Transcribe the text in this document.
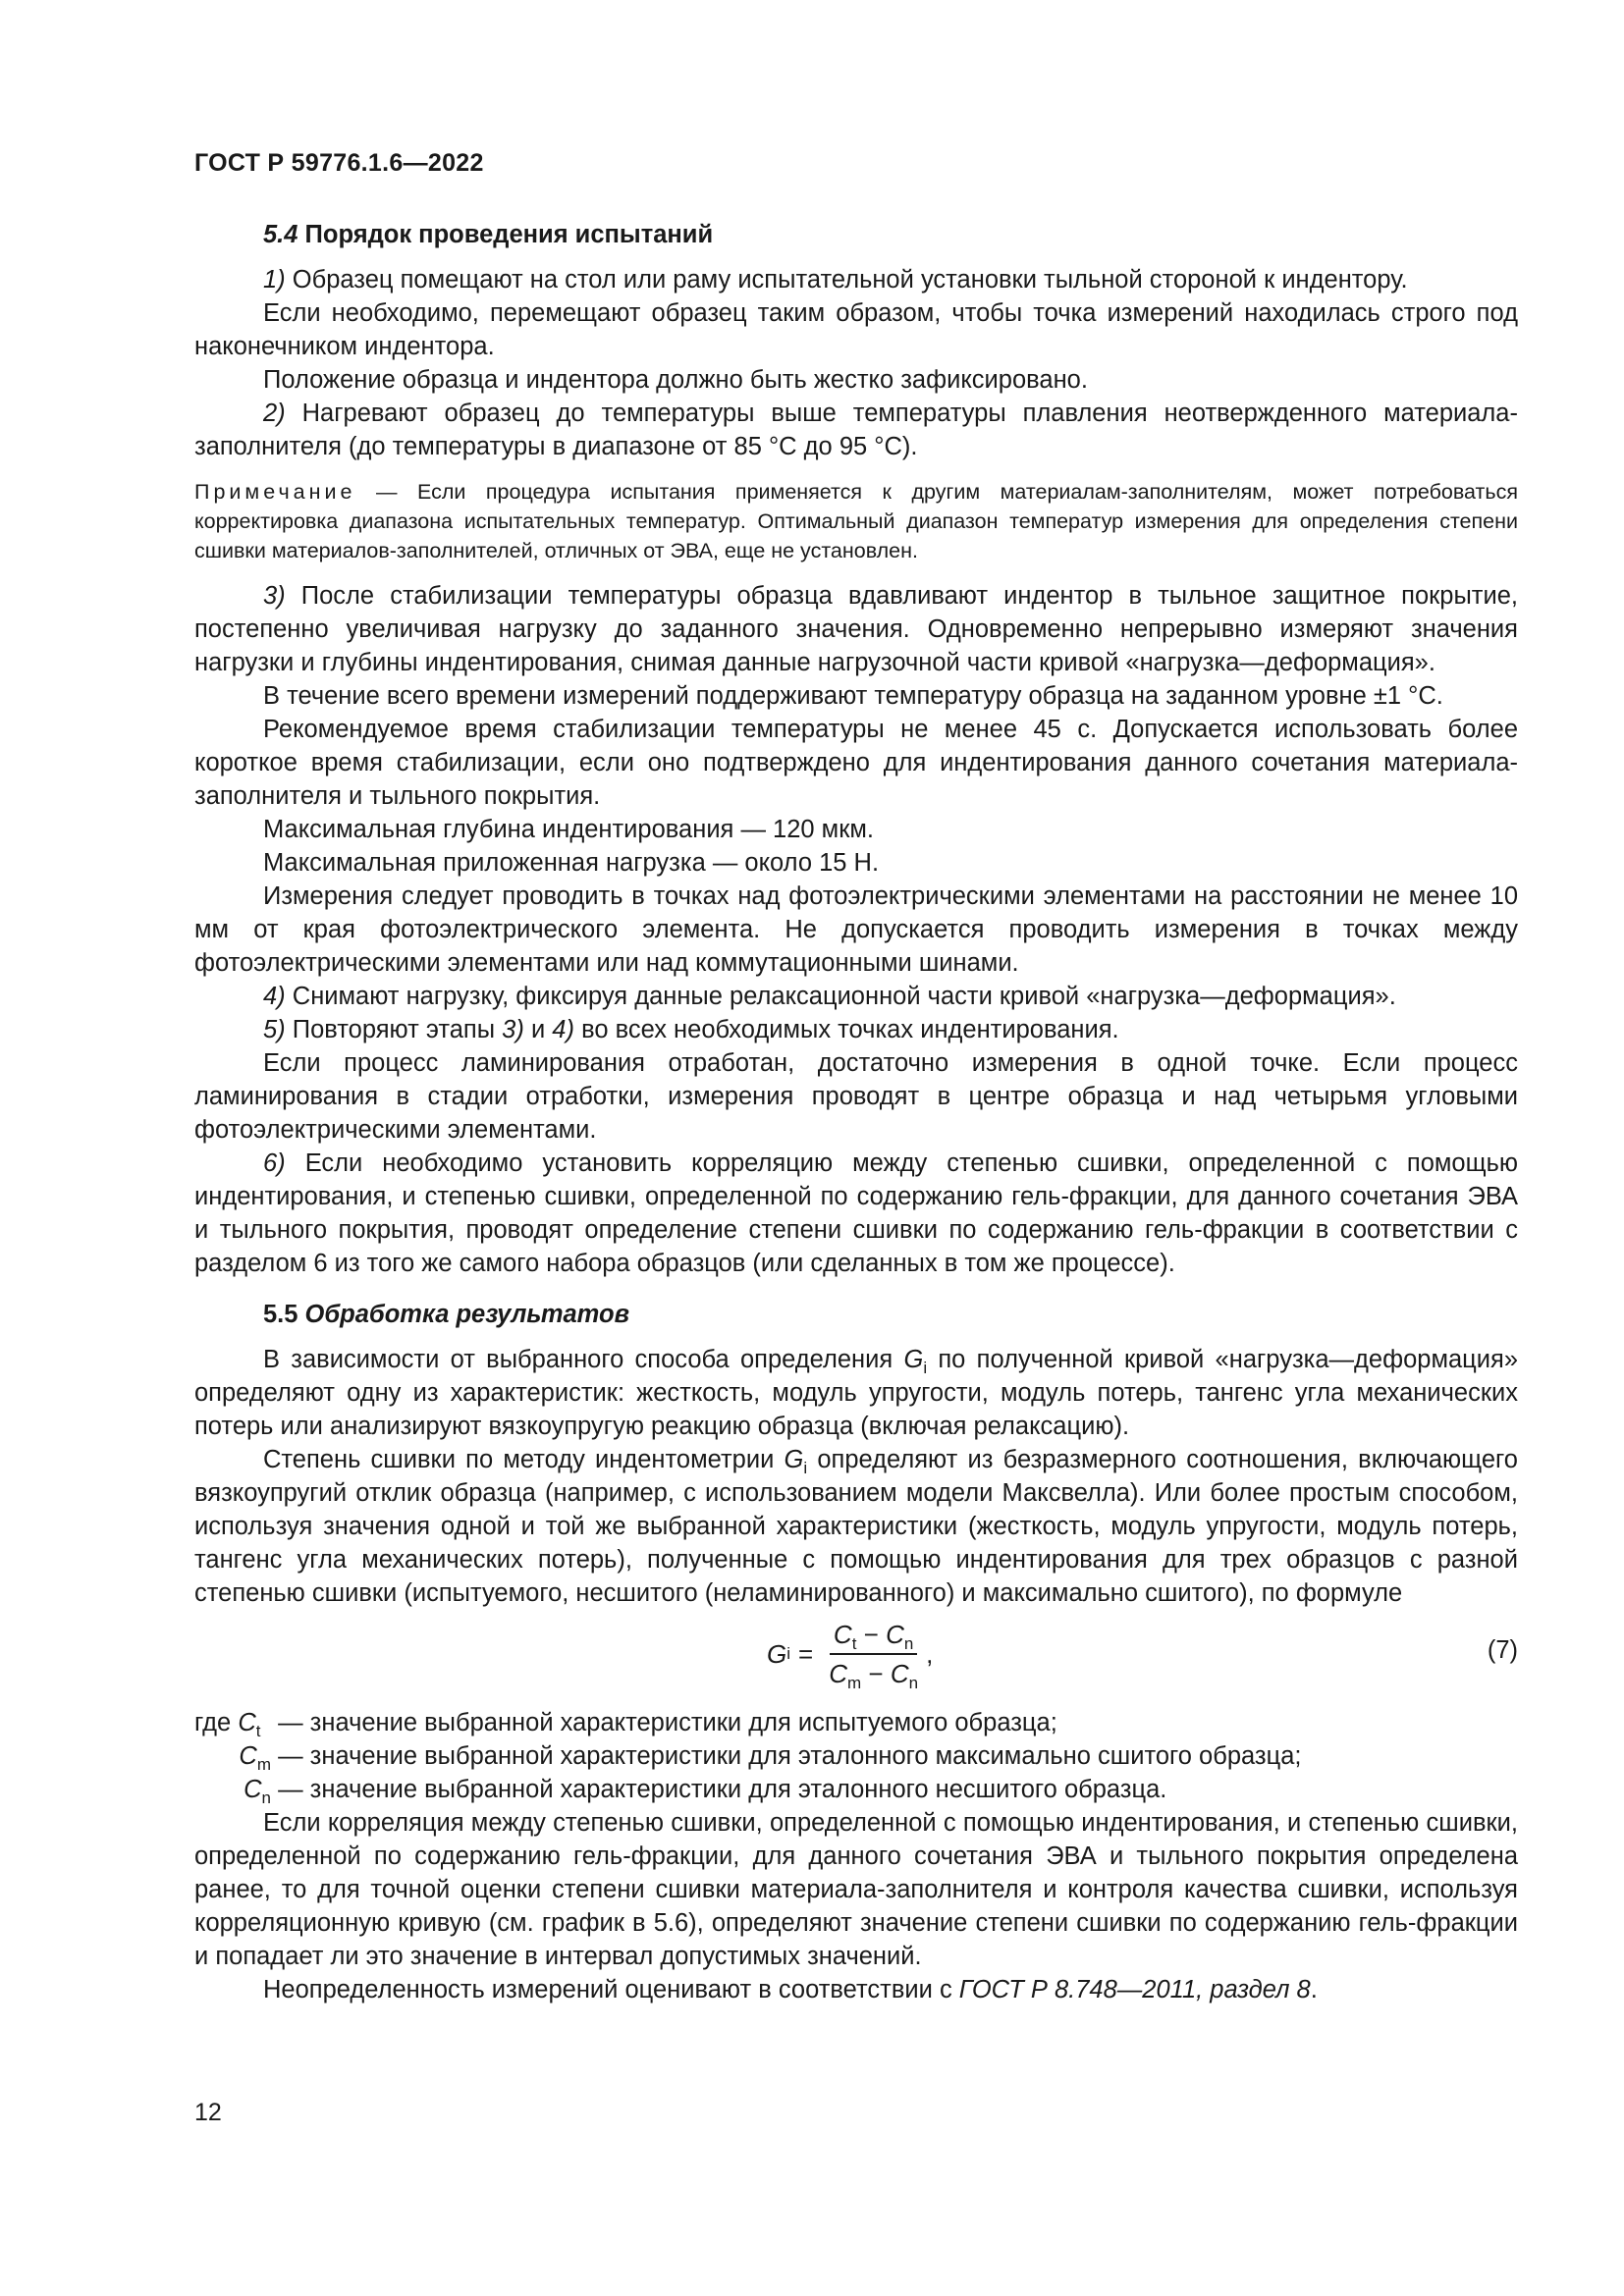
ГОСТ Р 59776.1.6—2022
5.4 Порядок проведения испытаний

1) Образец помещают на стол или раму испытательной установки тыльной стороной к индентору.

Если необходимо, перемещают образец таким образом, чтобы точка измерений находилась строго под наконечником индентора.

Положение образца и индентора должно быть жестко зафиксировано.

2) Нагревают образец до температуры выше температуры плавления неотвержденного материала-заполнителя (до температуры в диапазоне от 85 °С до 95 °С).

Примечание — Если процедура испытания применяется к другим материалам-заполнителям, может потребоваться корректировка диапазона испытательных температур. Оптимальный диапазон температур измерения для определения степени сшивки материалов-заполнителей, отличных от ЭВА, еще не установлен.

3) После стабилизации температуры образца вдавливают индентор в тыльное защитное покрытие, постепенно увеличивая нагрузку до заданного значения. Одновременно непрерывно измеряют значения нагрузки и глубины индентирования, снимая данные нагрузочной части кривой «нагрузка—деформация».

В течение всего времени измерений поддерживают температуру образца на заданном уровне ±1 °С.

Рекомендуемое время стабилизации температуры не менее 45 с. Допускается использовать более короткое время стабилизации, если оно подтверждено для индентирования данного сочетания материала-заполнителя и тыльного покрытия.

Максимальная глубина индентирования — 120 мкм.

Максимальная приложенная нагрузка — около 15 Н.

Измерения следует проводить в точках над фотоэлектрическими элементами на расстоянии не менее 10 мм от края фотоэлектрического элемента. Не допускается проводить измерения в точках между фотоэлектрическими элементами или над коммутационными шинами.

4) Снимают нагрузку, фиксируя данные релаксационной части кривой «нагрузка—деформация».

5) Повторяют этапы 3) и 4) во всех необходимых точках индентирования.

Если процесс ламинирования отработан, достаточно измерения в одной точке. Если процесс ламинирования в стадии отработки, измерения проводят в центре образца и над четырьмя угловыми фотоэлектрическими элементами.

6) Если необходимо установить корреляцию между степенью сшивки, определенной с помощью индентирования, и степенью сшивки, определенной по содержанию гель-фракции, для данного сочетания ЭВА и тыльного покрытия, проводят определение степени сшивки по содержанию гель-фракции в соответствии с разделом 6 из того же самого набора образцов (или сделанных в том же процессе).

5.5 Обработка результатов

В зависимости от выбранного способа определения $G_i$ по полученной кривой «нагрузка—деформация» определяют одну из характеристик: жесткость, модуль упругости, модуль потерь, тангенс угла механических потерь или анализируют вязкоупругую реакцию образца (включая релаксацию).

Степень сшивки по методу индентометрии $G_i$ определяют из безразмерного соотношения, включающего вязкоупругий отклик образца (например, с использованием модели Максвелла). Или более простым способом, используя значения одной и той же выбранной характеристики (жесткость, модуль упругости, модуль потерь, тангенс угла механических потерь), полученные с помощью индентирования для трех образцов с разной степенью сшивки (испытуемого, несшитого (неламинированного) и максимально сшитого), по формуле

G $i = \frac{C_t - C_n}{C_m - C_n}$ ,	(7)
где $C_t$ — значение выбранной характеристики для испытуемого образца;
$C_m$ — значение выбранной характеристики для эталонного максимально сшитого образца;
$C_n$ — значение выбранной характеристики для эталонного несшитого образца.

Если корреляция между степенью сшивки, определенной с помощью индентирования, и степенью сшивки, определенной по содержанию гель-фракции, для данного сочетания ЭВА и тыльного покрытия определена ранее, то для точной оценки степени сшивки материала-заполнителя и контроля качества сшивки, используя корреляционную кривую (см. график в 5.6), определяют значение степени сшивки по содержанию гель-фракции и попадает ли это значение в интервал допустимых значений.

Неопределенность измерений оценивают в соответствии с ГОСТ Р 8.748—2011, раздел 8.

12
